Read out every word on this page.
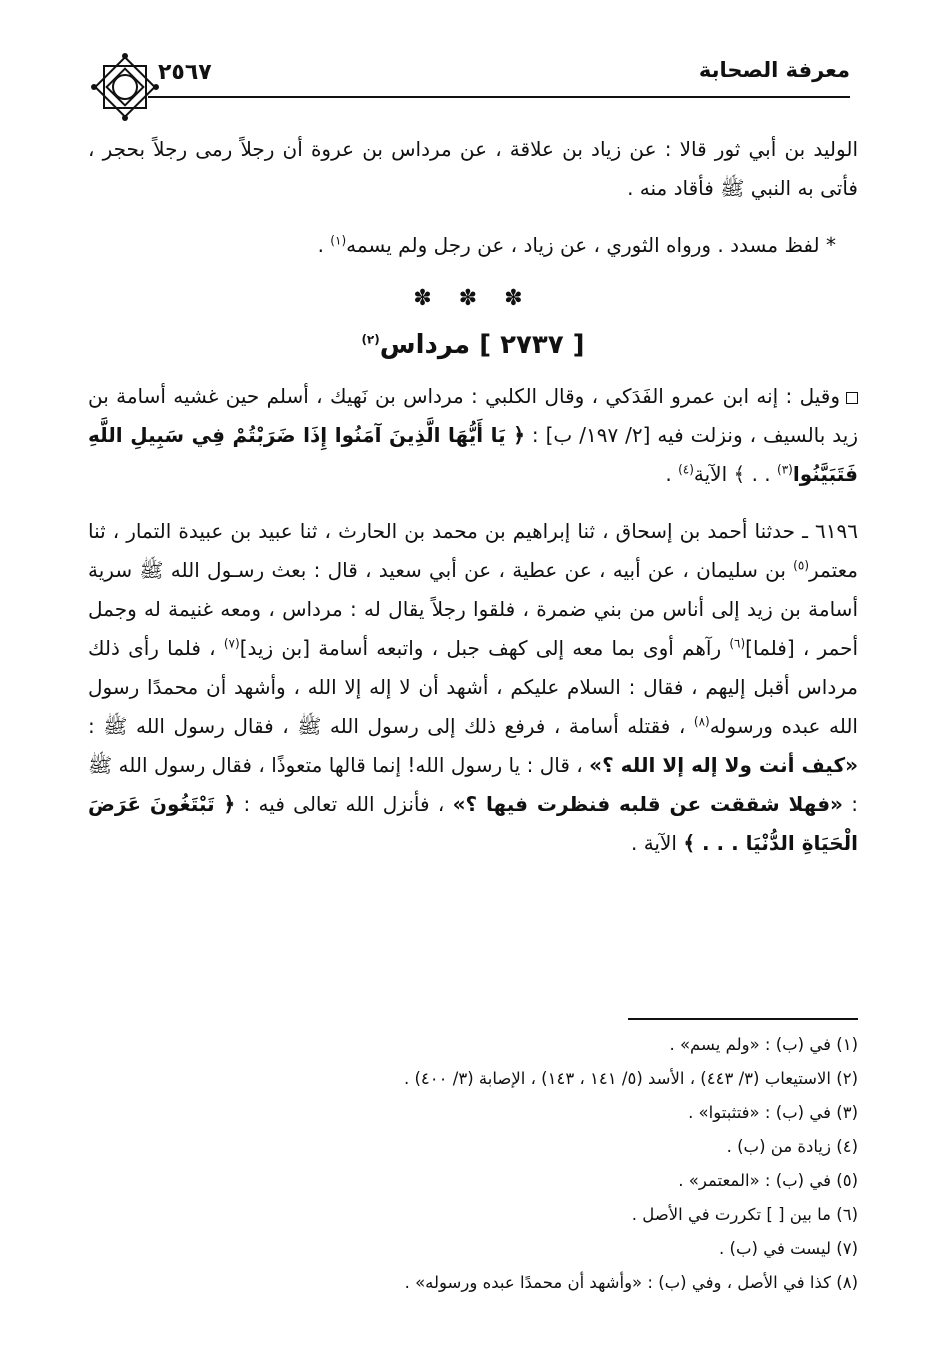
معرفة الصحابة
٢٥٦٧

الوليد بن أبي ثور قالا : عن زياد بن علاقة ، عن مرداس بن عروة أن رجلاً رمى رجلاً بحجر ، فأتى به النبي ﷺ فأقاد منه .

* لفظ مسدد . ورواه الثوري ، عن زياد ، عن رجل ولم يسمه$^{(١)}$ .

✽ ✽ ✽
[ ٢٧٣٧ ] مرداس$^{(٢)}$

وقيل : إنه ابن عمرو الفَدَكي ، وقال الكلبي : مرداس بن نَهيك ، أسلم حين غشيه أسامة بن زيد بالسيف ، ونزلت فيه [٢/ ١٩٧/ ب] : ﴿ يَا أَيُّهَا الَّذِينَ آمَنُوا إِذَا ضَرَبْتُمْ فِي سَبِيلِ اللَّهِ فَتَبَيَّنُوا$^{(٣)}$ . . ﴾ الآية$^{(٤)}$ .

٦١٩٦ ـ حدثنا أحمد بن إسحاق ، ثنا إبراهيم بن محمد بن الحارث ، ثنا عبيد بن عبيدة التمار ، ثنا معتمر$^{(٥)}$ بن سليمان ، عن أبيه ، عن عطية ، عن أبي سعيد ، قال : بعث رسـول الله ﷺ سرية أسامة بن زيد إلى أناس من بني ضمرة ، فلقوا رجلاً يقال له : مرداس ، ومعه غنيمة له وجمل أحمر ، [فلما]$^{(٦)}$ رآهم أوى بما معه إلى كهف جبل ، واتبعه أسامة [بن زيد]$^{(٧)}$ ، فلما رأى ذلك مرداس أقبل إليهم ، فقال : السلام عليكم ، أشهد أن لا إله إلا الله ، وأشهد أن محمدًا رسول الله عبده ورسوله$^{(٨)}$ ، فقتله أسامة ، فرفع ذلك إلى رسول الله ﷺ ، فقال رسول الله ﷺ : «كيف أنت ولا إله إلا الله ؟» ، قال : يا رسول الله! إنما قالها متعوذًا ، فقال رسول الله ﷺ : «فهلا شققت عن قلبه فنظرت فيها ؟» ، فأنزل الله تعالى فيه : ﴿ تَبْتَغُونَ عَرَضَ الْحَيَاةِ الدُّنْيَا . . . ﴾ الآية .

(١) في (ب) : «ولم يسم» .
(٢) الاستيعاب (٣/ ٤٤٣) ، الأسد (٥/ ١٤١ ، ١٤٣) ، الإصابة (٣/ ٤٠٠) .
(٣) في (ب) : «فتثبتوا» .
(٤) زيادة من (ب) .
(٥) في (ب) : «المعتمر» .
(٦) ما بين [ ] تكررت في الأصل .
(٧) ليست في (ب) .
(٨) كذا في الأصل ، وفي (ب) : «وأشهد أن محمدًا عبده ورسوله» .
